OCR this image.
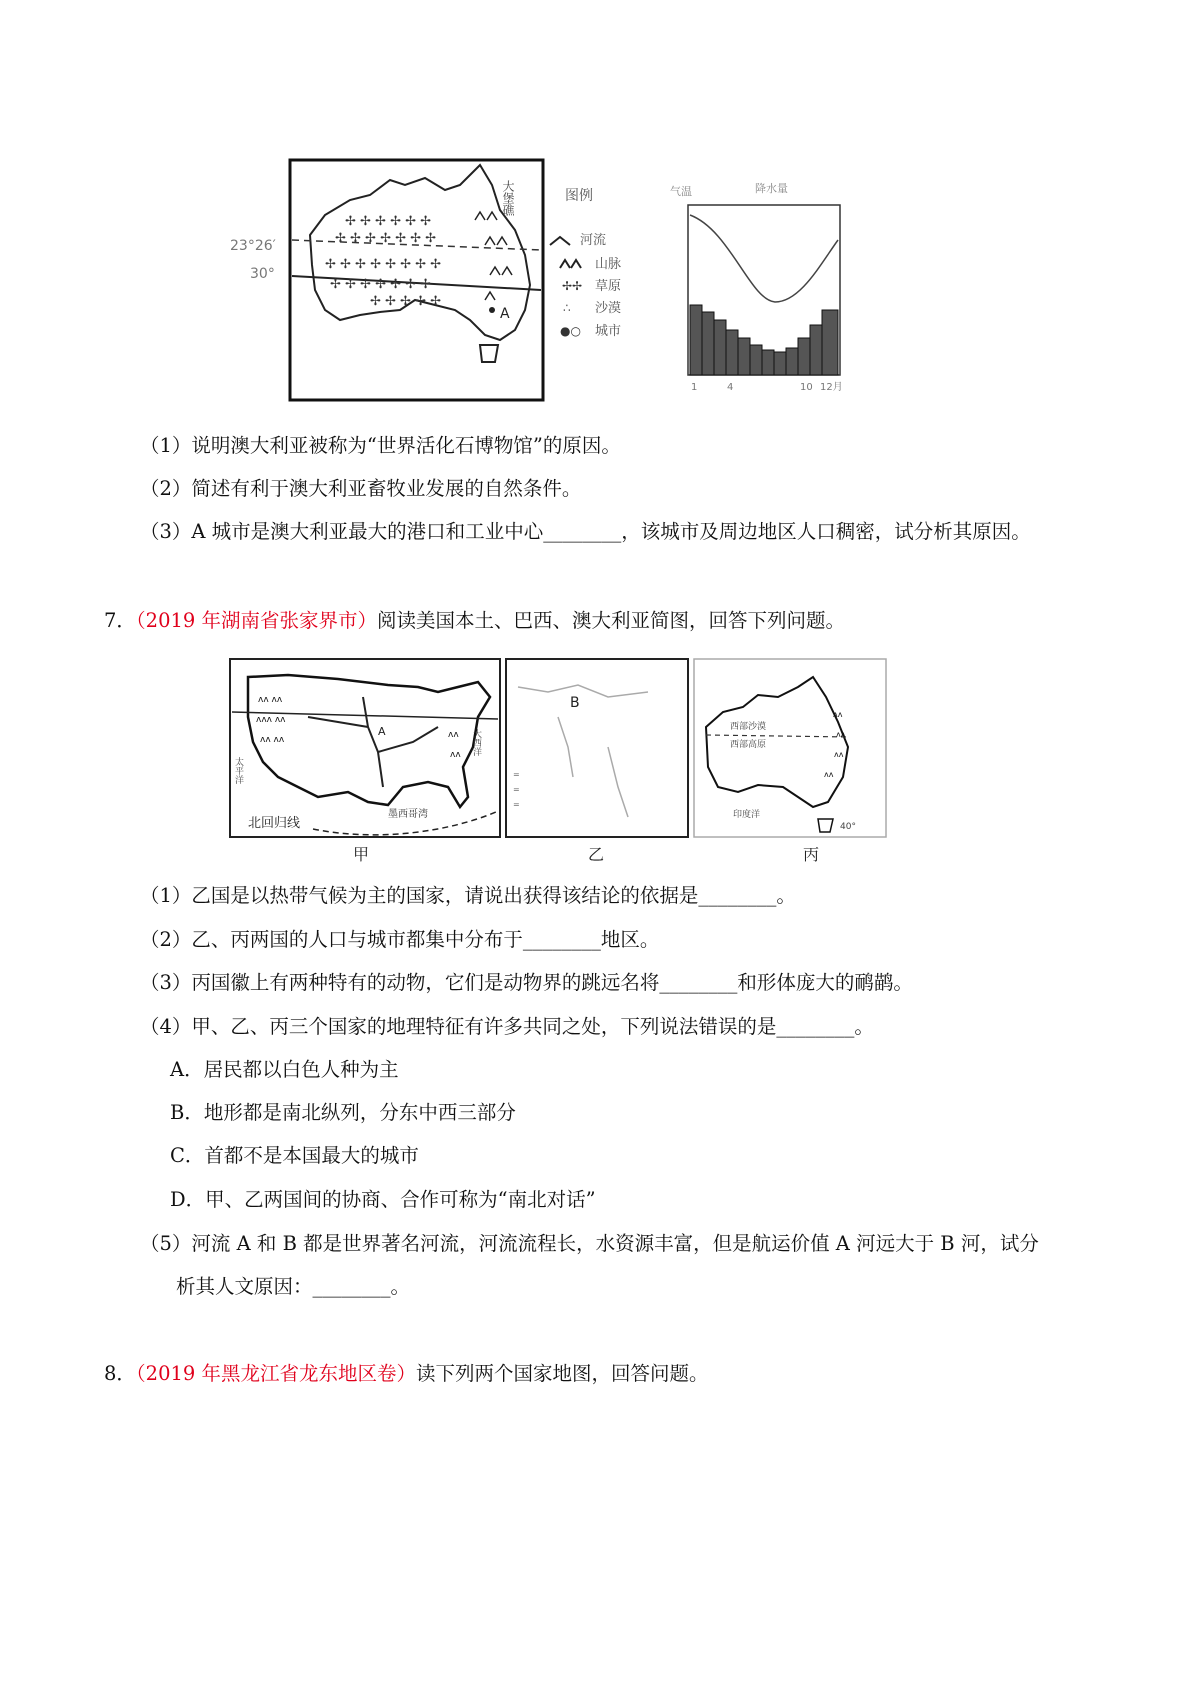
23°26′
30°
✢ ✢ ✢ ✢ ✢ ✢
✢ ✢ ✢ ✢ ✢ ✢ ✢
✢ ✢ ✢ ✢ ✢ ✢ ✢ ✢
✢ ✢ ✢ ✢ ✢ ✢ ✢
✢ ✢ ✢ ✢ ✢
大堡礁
A
图例
河流
山脉
✢✢ 草原
∴ 沙漠
●○ 城市
气温	降水量
1	4	10 12月
（1）说明澳大利亚被称为“世界活化石博物馆”的原因。
（2）简述有利于澳大利亚畜牧业发展的自然条件。
（3）A 城市是澳大利亚最大的港口和工业中心________，该城市及周边地区人口稠密，试分析其原因。
7．（2019 年湖南省张家界市）阅读美国本土、巴西、澳大利亚简图，回答下列问题。
ʌʌ ʌʌ
ʌʌʌ ʌʌ
ʌʌ ʌʌ	ʌʌ
ʌʌ
A	大西洋
太平洋
墨西哥湾
北回归线
甲
B
=
=
=
乙
西部沙漠
西部高原
ʌʌ
ʌʌ
ʌʌ
ʌʌ
印度洋
40°
丙
（1）乙国是以热带气候为主的国家，请说出获得该结论的依据是________。
（2）乙、丙两国的人口与城市都集中分布于________地区。
（3）丙国徽上有两种特有的动物，它们是动物界的跳远名将________和形体庞大的鸸鹋。
（4）甲、乙、丙三个国家的地理特征有许多共同之处，下列说法错误的是________。
A．居民都以白色人种为主
B．地形都是南北纵列，分东中西三部分
C．首都不是本国最大的城市
D．甲、乙两国间的协商、合作可称为“南北对话”
（5）河流 A 和 B 都是世界著名河流，河流流程长，水资源丰富，但是航运价值 A 河远大于 B 河，试分
析其人文原因：________。
8．（2019 年黑龙江省龙东地区卷）读下列两个国家地图，回答问题。
